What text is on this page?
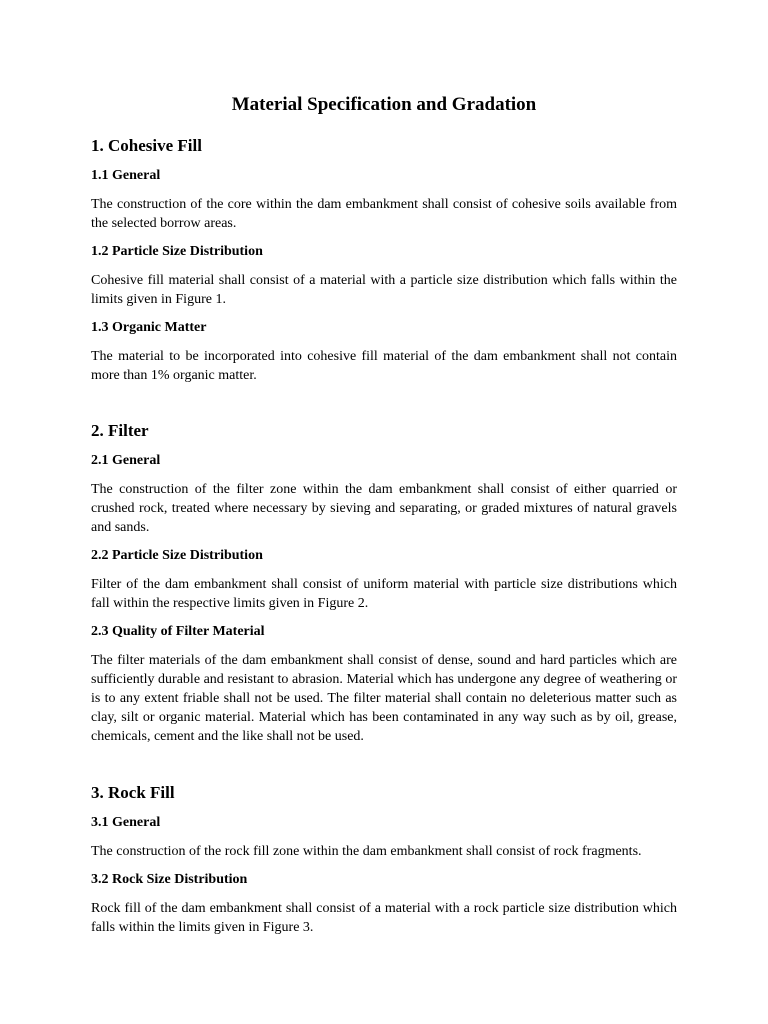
Material Specification and Gradation
1. Cohesive Fill
1.1 General

The construction of the core within the dam embankment shall consist of cohesive soils available from the selected borrow areas.

1.2 Particle Size Distribution

Cohesive fill material shall consist of a material with a particle size distribution which falls within the limits given in Figure 1.

1.3 Organic Matter

The material to be incorporated into cohesive fill material of the dam embankment shall not contain more than 1% organic matter.

2. Filter
2.1 General

The construction of the filter zone within the dam embankment shall consist of either quarried or crushed rock, treated where necessary by sieving and separating, or graded mixtures of natural gravels and sands.

2.2 Particle Size Distribution

Filter of the dam embankment shall consist of uniform material with particle size distributions which fall within the respective limits given in Figure 2.

2.3 Quality of Filter Material

The filter materials of the dam embankment shall consist of dense, sound and hard particles which are sufficiently durable and resistant to abrasion. Material which has undergone any degree of weathering or is to any extent friable shall not be used. The filter material shall contain no deleterious matter such as clay, silt or organic material. Material which has been contaminated in any way such as by oil, grease, chemicals, cement and the like shall not be used.

3. Rock Fill
3.1 General

The construction of the rock fill zone within the dam embankment shall consist of rock fragments.

3.2 Rock Size Distribution

Rock fill of the dam embankment shall consist of a material with a rock particle size distribution which falls within the limits given in Figure 3.
